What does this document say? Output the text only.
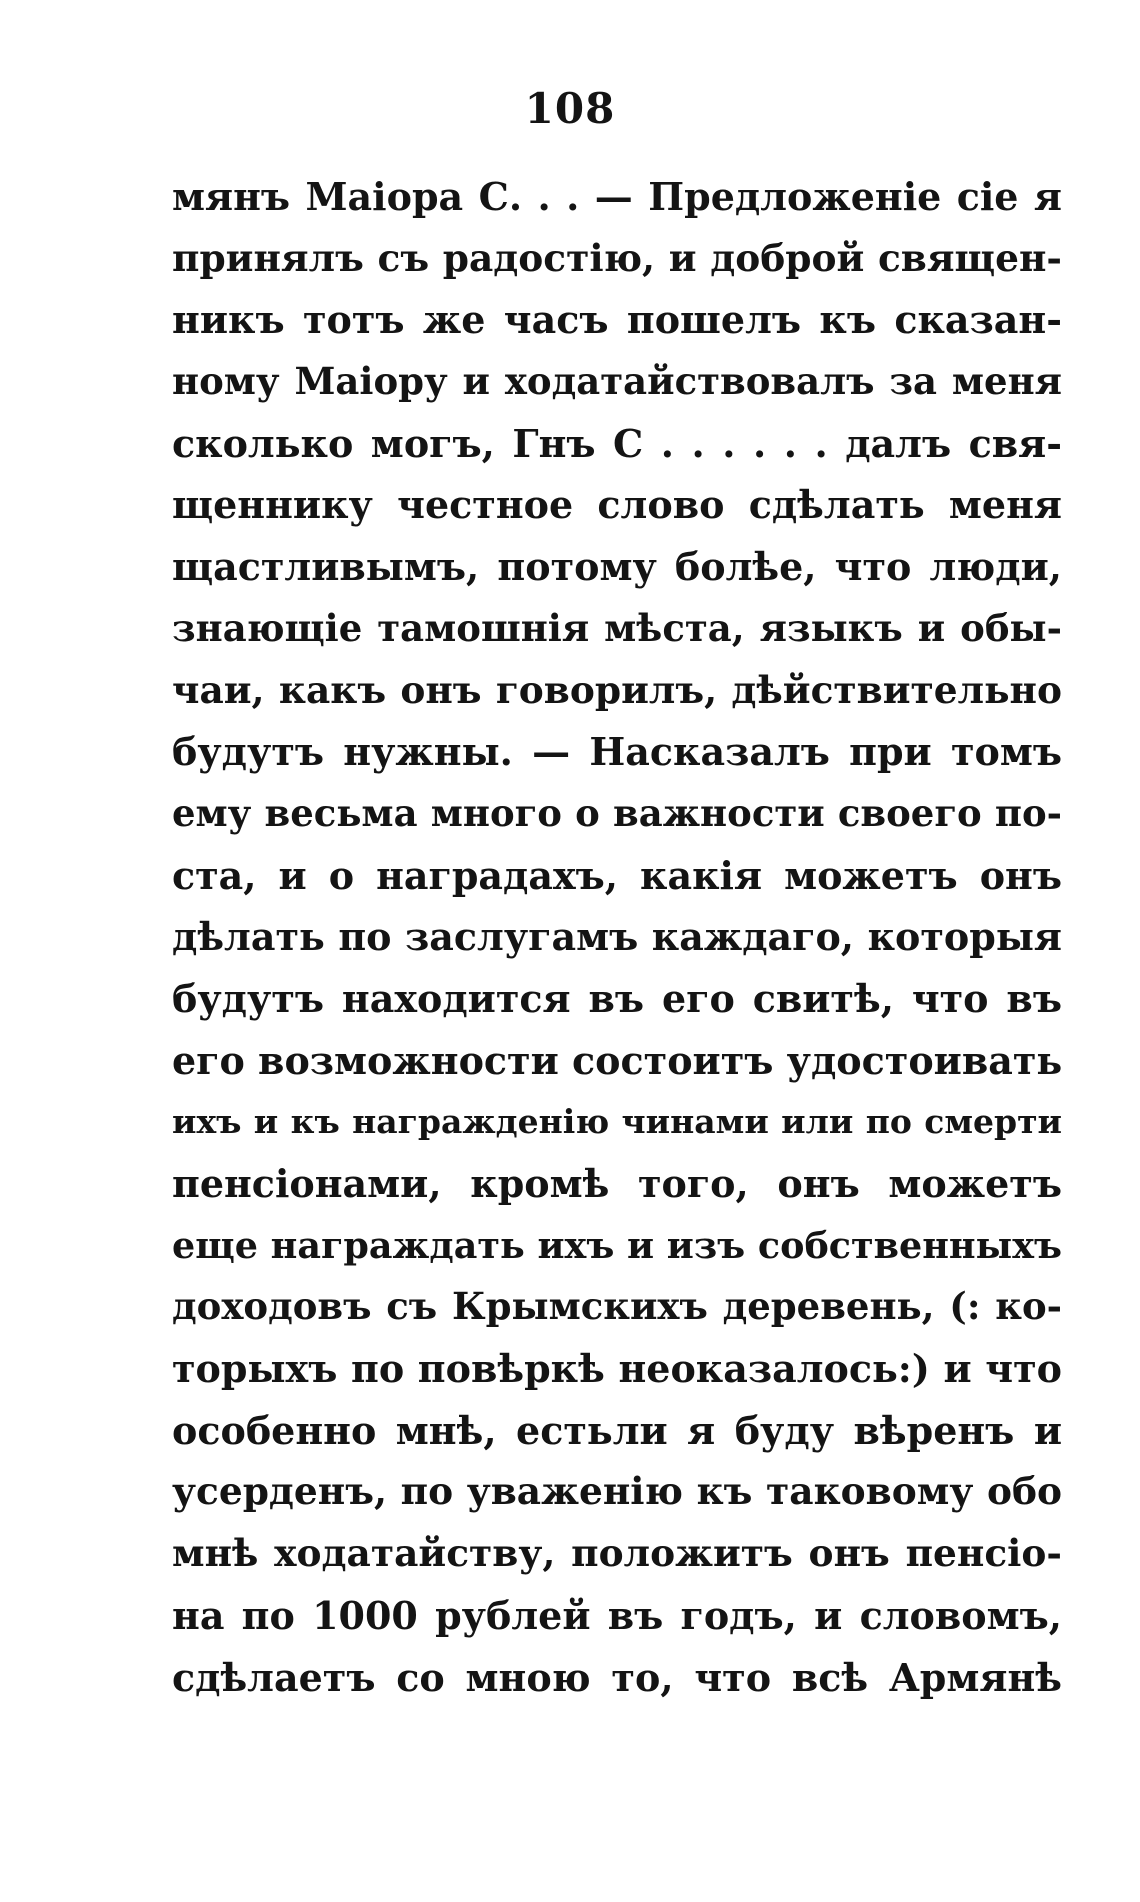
108
мянъ Маiора С. . . — Предложенiе сiе я
принялъ съ радостiю, и доброй священ-
никъ тотъ же часъ пошелъ къ сказан-
ному Маiору и ходатайствовалъ за меня
сколько могъ, Гнъ С . . . . . . далъ свя-
щеннику честное слово сдѣлать меня
щастливымъ, потому болѣе, что люди,
знающiе тамошнiя мѣста, языкъ и обы-
чаи, какъ онъ говорилъ, дѣйствительно
будутъ нужны. — Насказалъ при томъ
ему весьма много о важности своего по-
ста, и о наградахъ, какiя можетъ онъ
дѣлать по заслугамъ каждаго, которыя
будутъ находится въ его свитѣ, что въ
его возможности состоитъ удостоивать
ихъ и къ награжденiю чинами или по смерти
пенсiонами, кромѣ того, онъ можетъ
еще награждать ихъ и изъ собственныхъ
доходовъ съ Крымскихъ деревень, (: ко-
торыхъ по повѣркѣ неоказалось:) и что
особенно мнѣ, естьли я буду вѣренъ и
усерденъ, по уваженiю къ таковому обо
мнѣ ходатайству, положитъ онъ пенсiо-
на по 1000 рублей въ годъ, и словомъ,
сдѣлаетъ со мною то, что всѣ Армянѣ
